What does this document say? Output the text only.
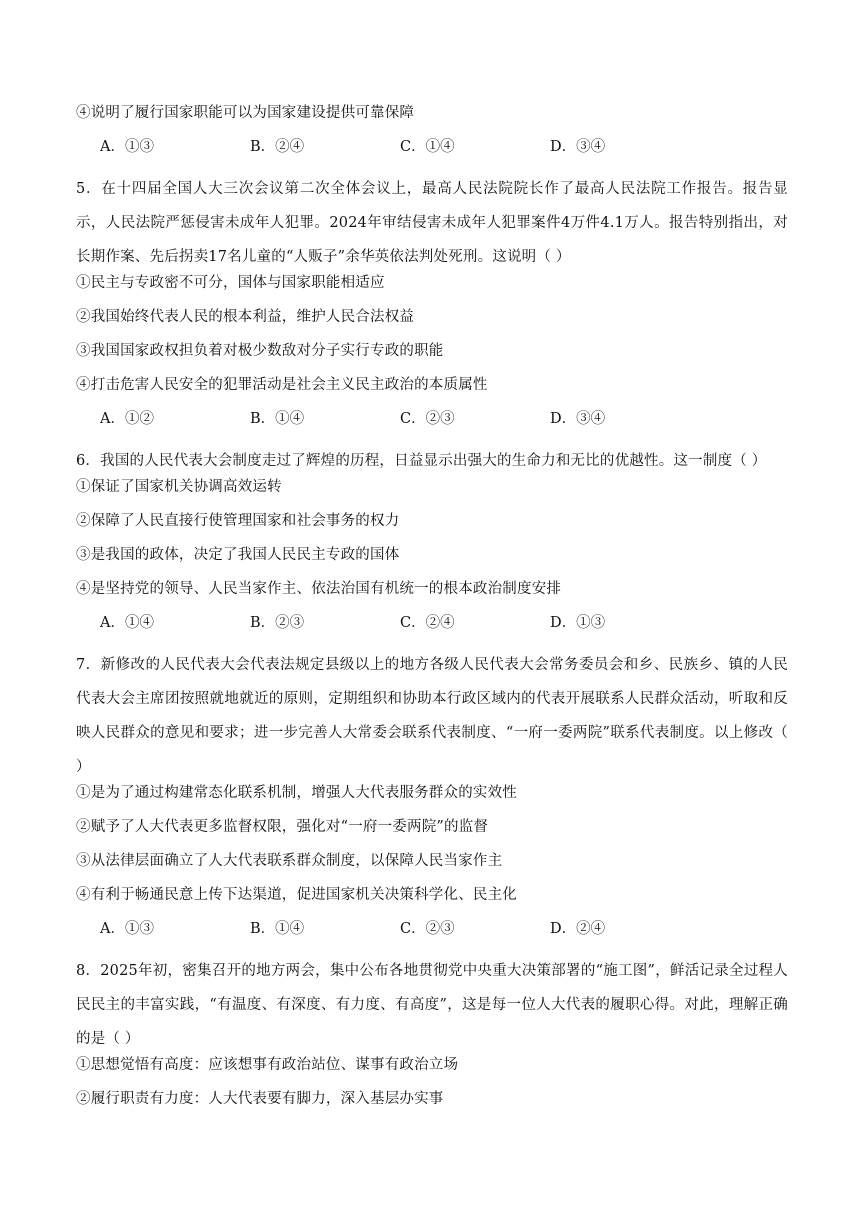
④说明了履行国家职能可以为国家建设提供可靠保障
A．①③	B．②④	C．①④	D．③④

5．在十四届全国人大三次会议第二次全体会议上，最高人民法院院长作了最高人民法院工作报告。报告显示，人民法院严惩侵害未成年人犯罪。2024年审结侵害未成年人犯罪案件4万件4.1万人。报告特别指出，对长期作案、先后拐卖17名儿童的“人贩子”余华英依法判处死刑。这说明（ ）

①民主与专政密不可分，国体与国家职能相适应
②我国始终代表人民的根本利益，维护人民合法权益
③我国国家政权担负着对极少数敌对分子实行专政的职能
④打击危害人民安全的犯罪活动是社会主义民主政治的本质属性
A．①②	B．①④	C．②③	D．③④

6．我国的人民代表大会制度走过了辉煌的历程，日益显示出强大的生命力和无比的优越性。这一制度（ ）

①保证了国家机关协调高效运转
②保障了人民直接行使管理国家和社会事务的权力
③是我国的政体，决定了我国人民民主专政的国体
④是坚持党的领导、人民当家作主、依法治国有机统一的根本政治制度安排
A．①④	B．②③	C．②④	D．①③

7．新修改的人民代表大会代表法规定县级以上的地方各级人民代表大会常务委员会和乡、民族乡、镇的人民代表大会主席团按照就地就近的原则，定期组织和协助本行政区域内的代表开展联系人民群众活动，听取和反映人民群众的意见和要求；进一步完善人大常委会联系代表制度、“一府一委两院”联系代表制度。以上修改（ ）

①是为了通过构建常态化联系机制，增强人大代表服务群众的实效性
②赋予了人大代表更多监督权限，强化对“一府一委两院”的监督
③从法律层面确立了人大代表联系群众制度，以保障人民当家作主
④有利于畅通民意上传下达渠道，促进国家机关决策科学化、民主化
A．①③	B．①④	C．②③	D．②④

8．2025年初，密集召开的地方两会，集中公布各地贯彻党中央重大决策部署的“施工图”，鲜活记录全过程人民民主的丰富实践，“有温度、有深度、有力度、有高度”，这是每一位人大代表的履职心得。对此，理解正确的是（ ）

①思想觉悟有高度：应该想事有政治站位、谋事有政治立场
②履行职责有力度：人大代表要有脚力，深入基层办实事
